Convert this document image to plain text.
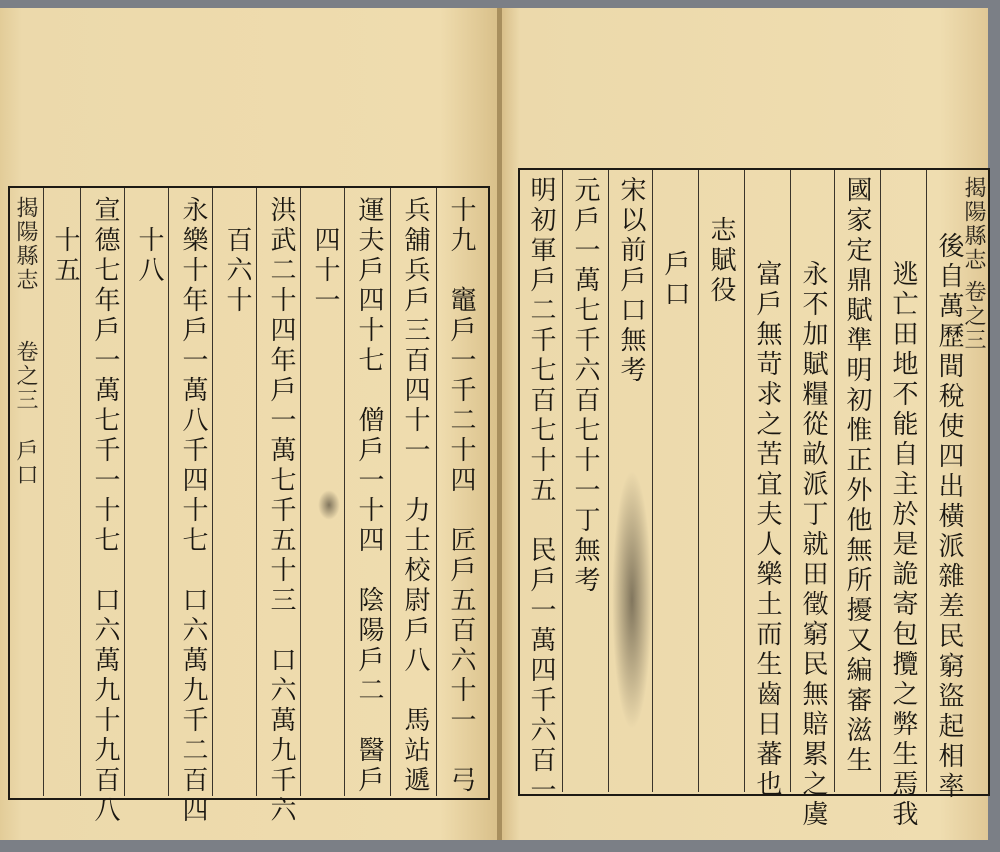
揭陽縣志
卷之三 戶口	十九　竈戶一千二十四　匠戶五百六十一　弓
兵舖兵戶三百四十一　力士校尉戶八　馬站遞
運夫戶四十七　僧戶一十四　陰陽戶二　醫戶
四十一
洪武二十四年戶一萬七千五十三　口六萬九千六
百六十
永樂十年戶一萬八千四十七　口六萬九千二百四
十八
宣德七年戶一萬七千一十七　口六萬九十九百八
十五	揭陽縣志
卷之三
後自萬歷間稅使四出橫派雜差民窮盜起相率
逃亡田地不能自主於是詭寄包攬之弊生焉我
國家定鼎賦準明初惟正外他無所擾又編審滋生
永不加賦糧從畝派丁就田徵窮民無賠累之虞
富戶無苛求之苦宜夫人樂土而生齒日蕃也
志賦役
戶口
宋以前戶口無考
元戶一萬七千六百七十一丁無考
明初軍戶二千七百七十五　民戶一萬四千六百一
